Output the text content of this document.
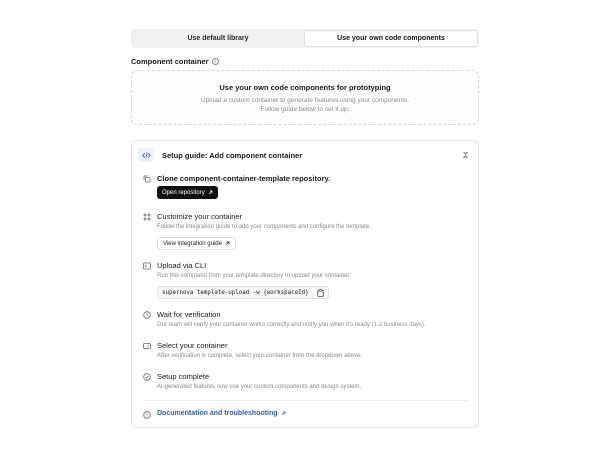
Use default library	Use your own code components
Component container	i
Use your own code components for prototyping
Upload a custom container to generate features using your components.
Follow guide below to set it up.
Setup guide: Add component container
Clone component-container-template repository.
Open repository
Customize your container
Follow the integration guide to add your components and configure the template.
View integration guide
Upload via CLI
Run this command from your template directory to upload your container:
supernova template-upload -w {workspaceId}
Wait for verification
Our team will verify your container works correctly and notify you when it's ready (1-2 business days).
Select your container
After verification is complete, select your container from the dropdown above.
Setup complete
AI-generated features now use your custom components and design system.
Documentation and troubleshooting
